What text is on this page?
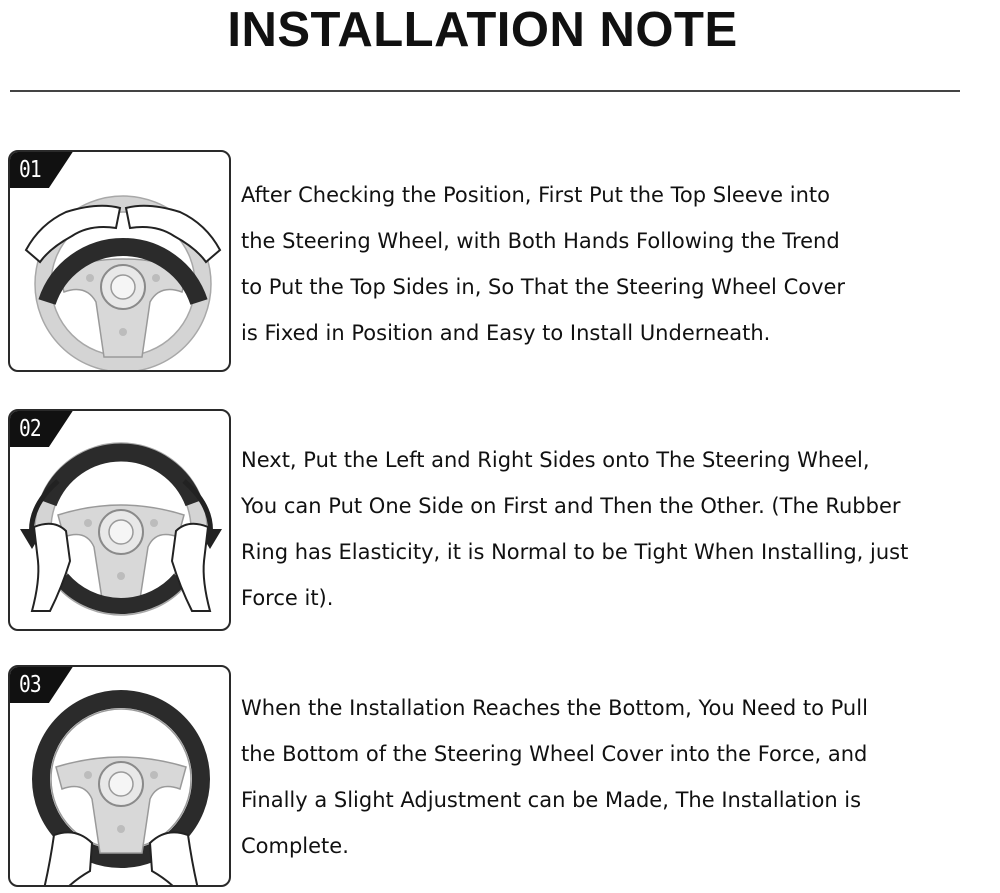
INSTALLATION NOTE
01

After Checking the Position, First Put the Top Sleeve into
the Steering Wheel, with Both Hands Following the Trend
to Put the Top Sides in, So That the Steering Wheel Cover
is Fixed in Position and Easy to Install Underneath.

02

Next, Put the Left and Right Sides onto The Steering Wheel,
You can Put One Side on First and Then the Other. (The Rubber
Ring has Elasticity, it is Normal to be Tight When Installing, just
Force it).

03

When the Installation Reaches the Bottom, You Need to Pull
the Bottom of the Steering Wheel Cover into the Force, and
Finally a Slight Adjustment can be Made, The Installation is
Complete.
